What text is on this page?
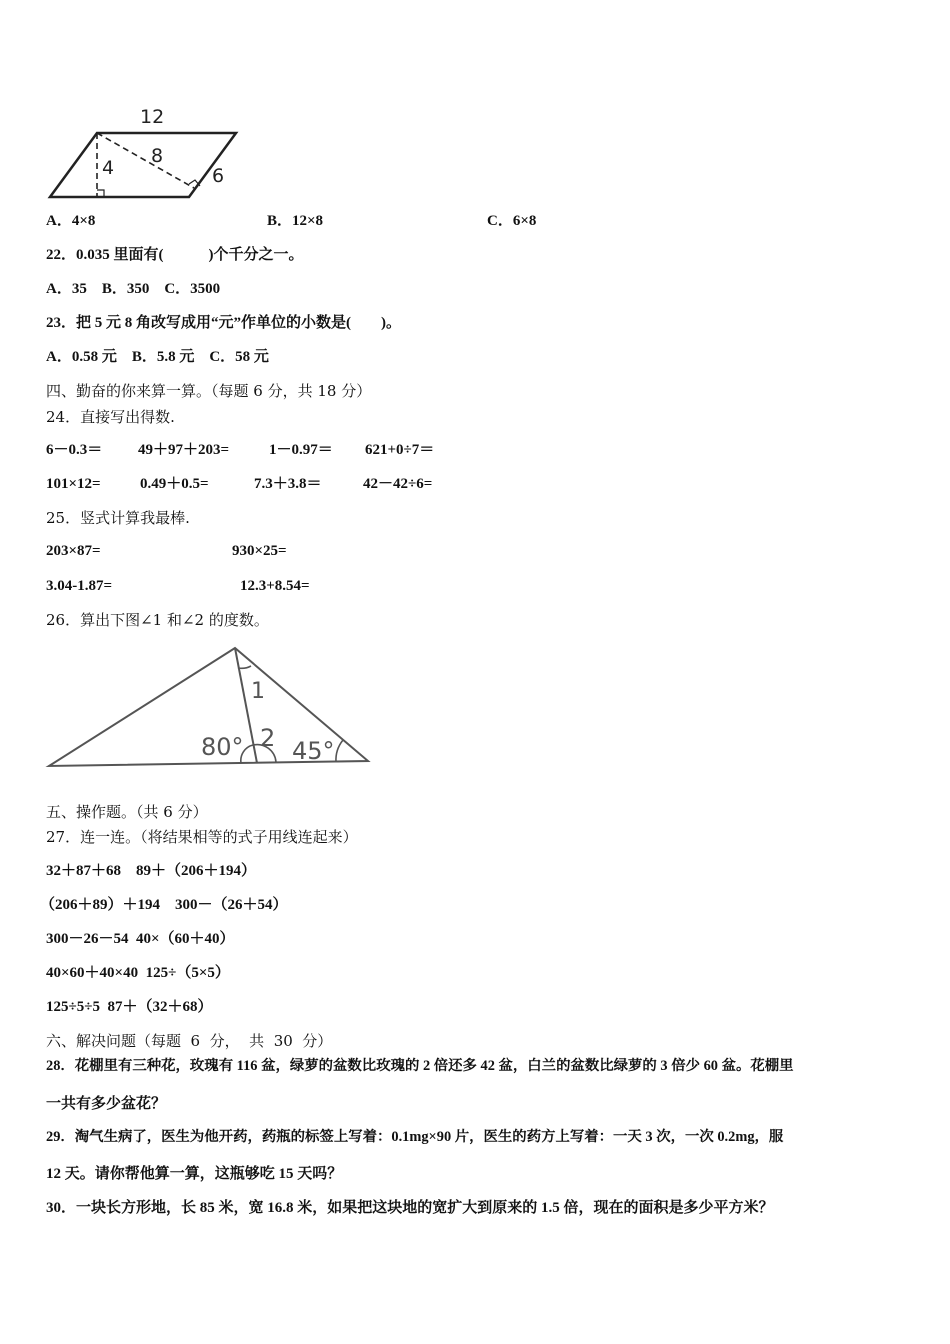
12
4
8
6
A．4×8	B．12×8	C．6×8
22．0.035 里面有(　　　)个千分之一。
A．35　B．350　C．3500
23．把 5 元 8 角改写成用“元”作单位的小数是(　　)。
A．0.58 元　B．5.8 元　C．58 元
四、勤奋的你来算一算。（每题 6 分，共 18 分）
24．直接写出得数.
6－0.3＝ 49＋97＋203=	1－0.97＝ 621+0÷7＝
101×12=	0.49＋0.5=	7.3＋3.8＝	42－42÷6=
25．竖式计算我最棒.
203×87=	930×25=
3.04-1.87=	12.3+8.54=
26．算出下图∠1 和∠2 的度数。
80° 2 45°
1
五、操作题。（共 6 分）
27．连一连。（将结果相等的式子用线连起来）
32＋87＋68　89＋（206＋194）
（206＋89）＋194　300－（26＋54）
300－26－54  40×（60＋40）
40×60＋40×40  125÷（5×5）
125÷5÷5  87＋（32＋68）
六、解决问题（每题  6  分，  共  30  分）
28．花棚里有三种花，玫瑰有 116 盆，绿萝的盆数比玫瑰的 2 倍还多 42 盆，白兰的盆数比绿萝的 3 倍少 60 盆。花棚里
一共有多少盆花？
29．淘气生病了，医生为他开药，药瓶的标签上写着：0.1mg×90 片，医生的药方上写着：一天 3 次，一次 0.2mg，服
12 天。请你帮他算一算，这瓶够吃 15 天吗？
30．一块长方形地，长 85 米，宽 16.8 米，如果把这块地的宽扩大到原来的 1.5 倍，现在的面积是多少平方米？
